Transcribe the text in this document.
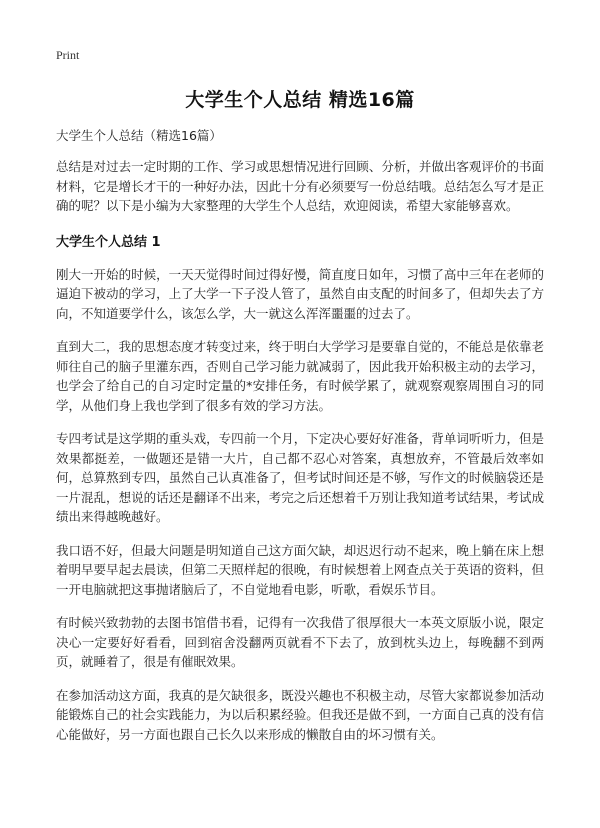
Print
大学生个人总结 精选16篇
大学生个人总结（精选16篇）

总结是对过去一定时期的工作、学习或思想情况进行回顾、分析，并做出客观评价的书面材料，它是增长才干的一种好办法，因此十分有必须要写一份总结哦。总结怎么写才是正确的呢？以下是小编为大家整理的大学生个人总结，欢迎阅读，希望大家能够喜欢。

大学生个人总结 1

刚大一开始的时候，一天天觉得时间过得好慢，简直度日如年，习惯了高中三年在老师的逼迫下被动的学习，上了大学一下子没人管了，虽然自由支配的时间多了，但却失去了方向，不知道要学什么，该怎么学，大一就这么浑浑噩噩的过去了。

直到大二，我的思想态度才转变过来，终于明白大学学习是要靠自觉的，不能总是依靠老师往自己的脑子里灌东西，否则自己学习能力就减弱了，因此我开始积极主动的去学习，也学会了给自己的自习定时定量的*安排任务，有时候学累了，就观察观察周围自习的同学，从他们身上我也学到了很多有效的学习方法。

专四考试是这学期的重头戏，专四前一个月，下定决心要好好准备，背单词听听力，但是效果都挺差，一做题还是错一大片，自己都不忍心对答案，真想放弃，不管最后效率如何，总算熬到专四，虽然自己认真准备了，但考试时间还是不够，写作文的时候脑袋还是一片混乱，想说的话还是翻译不出来，考完之后还想着千万别让我知道考试结果，考试成绩出来得越晚越好。

我口语不好，但最大问题是明知道自己这方面欠缺，却迟迟行动不起来，晚上躺在床上想着明早要早起去晨读，但第二天照样起的很晚，有时候想着上网查点关于英语的资料，但一开电脑就把这事抛诸脑后了，不自觉地看电影，听歌，看娱乐节目。

有时候兴致勃勃的去图书馆借书看，记得有一次我借了很厚很大一本英文原版小说，限定决心一定要好好看看，回到宿舍没翻两页就看不下去了，放到枕头边上，每晚翻不到两页，就睡着了，很是有催眠效果。

在参加活动这方面，我真的是欠缺很多，既没兴趣也不积极主动，尽管大家都说参加活动能锻炼自己的社会实践能力，为以后积累经验。但我还是做不到，一方面自己真的没有信心能做好，另一方面也跟自己长久以来形成的懒散自由的坏习惯有关。
